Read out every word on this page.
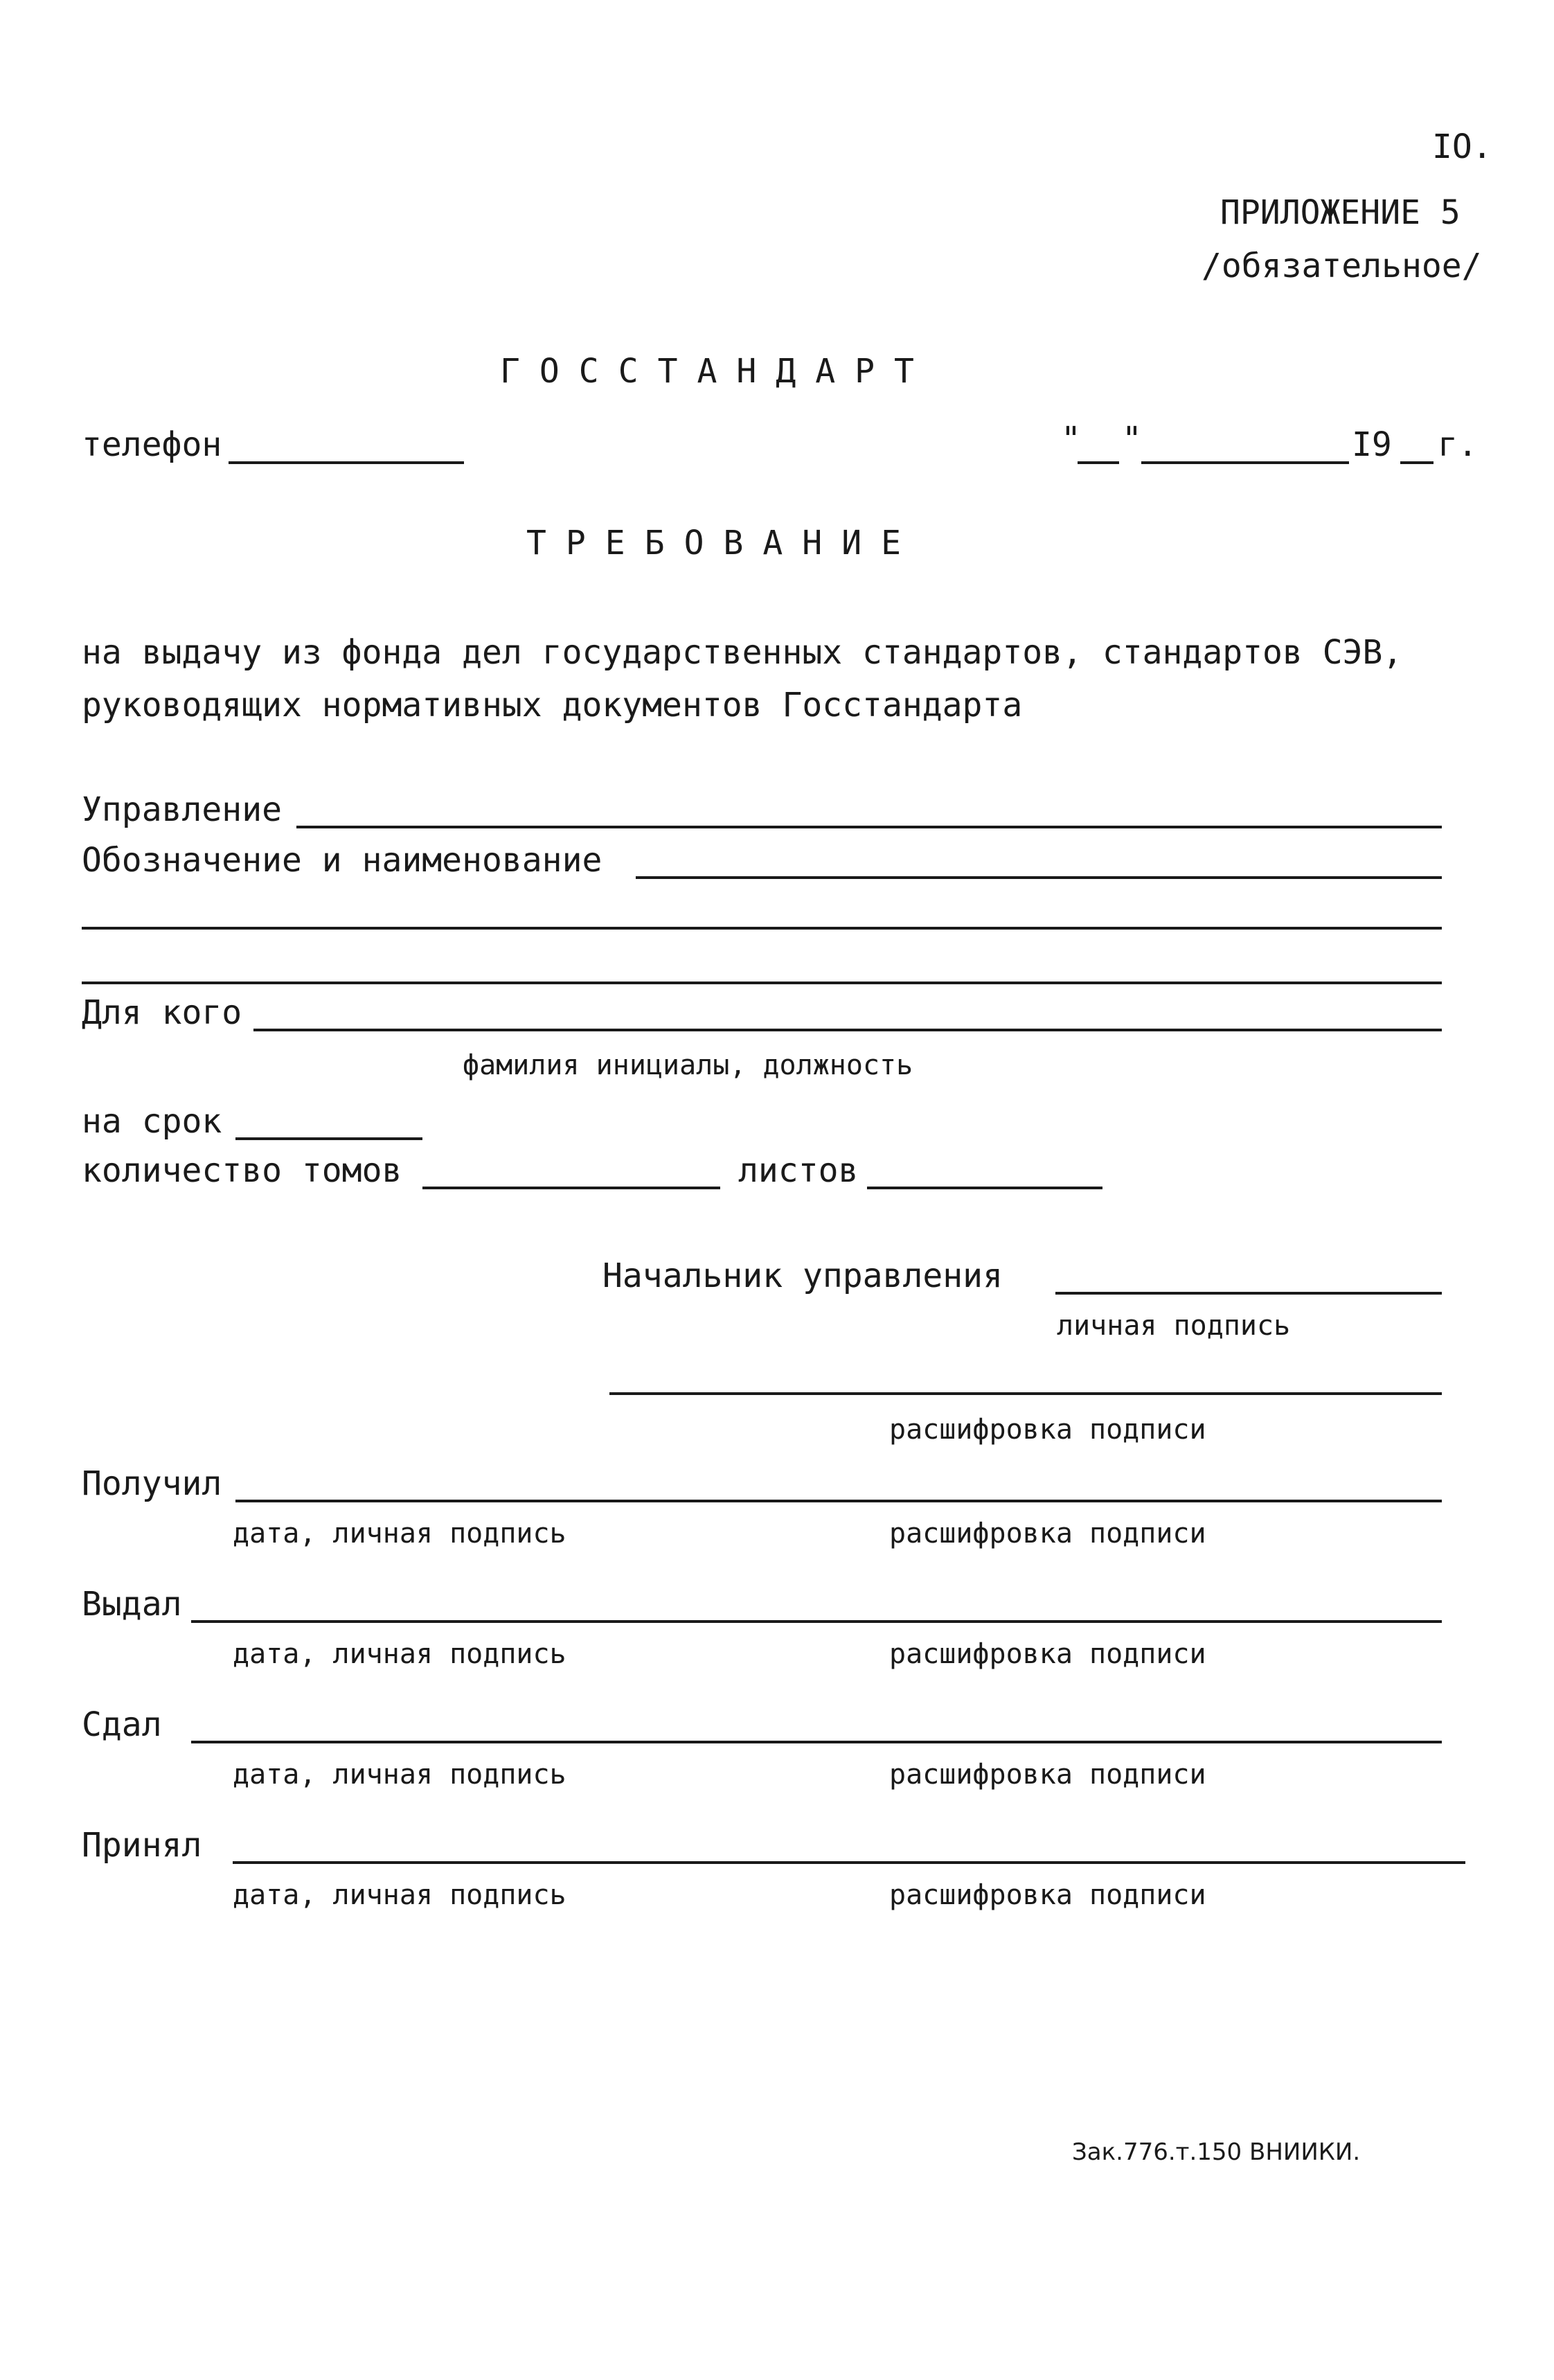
IO.
ПРИЛОЖЕНИЕ 5
/обязательное/
ГОССТАНДАРТ
телефон	" "	I9 г.
ТРЕБОВАНИЕ
на выдачу из фонда дел государственных стандартов, стандартов СЭВ,
руководящих нормативных документов Госстандарта
Управление
Обозначение и наименование
Для кого
фамилия инициалы, должность
на срок
количество томов	листов
Начальник управления
личная подпись
расшифровка подписи
Получил
дата, личная подпись	расшифровка подписи
Выдал
дата, личная подпись	расшифровка подписи
Сдал
дата, личная подпись	расшифровка подписи
Принял
дата, личная подпись	расшифровка подписи
Зак.776.т.150 ВНИИКИ.
